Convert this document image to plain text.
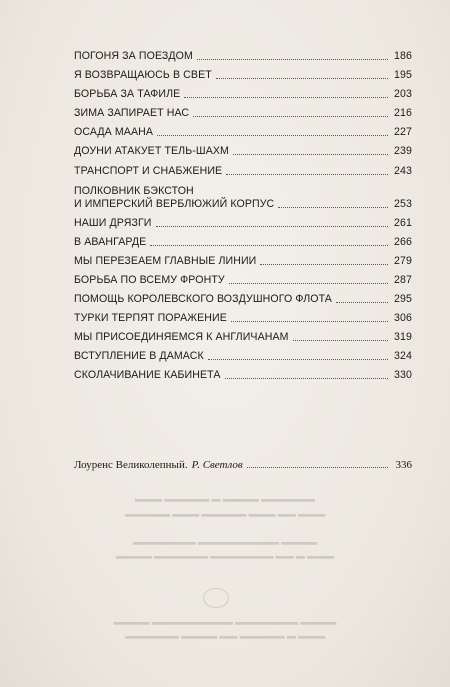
ПОГОНЯ ЗА ПОЕЗДОМ	186
Я ВОЗВРАЩАЮСЬ В СВЕТ	195
БОРЬБА ЗА ТАФИЛЕ	203
ЗИМА ЗАПИРАЕТ НАС	216
ОСАДА МААНА	227
ДОУНИ АТАКУЕТ ТЕЛЬ-ШАХМ	239
ТРАНСПОРТ И СНАБЖЕНИЕ	243
ПОЛКОВНИК БЭКСТОН
И ИМПЕРСКИЙ ВЕРБЛЮЖИЙ КОРПУС	253
НАШИ ДРЯЗГИ	261
В АВАНГАРДЕ	266
МЫ ПЕРЕЗЕАЕМ ГЛАВНЫЕ ЛИНИИ	279
БОРЬБА ПО ВСЕМУ ФРОНТУ	287
ПОМОЩЬ КОРОЛЕВСКОГО ВОЗДУШНОГО ФЛОТА	295
ТУРКИ ТЕРПЯТ ПОРАЖЕНИЕ	306
МЫ ПРИСОЕДИНЯЕМСЯ К АНГЛИЧАНАМ	319
ВСТУПЛЕНИЕ В ДАМАСК	324
СКОЛАЧИВАНИЕ КАБИНЕТА	330
Лоуренс Великолепный. Р. Светлов	336
▬▬▬ ▬▬▬▬▬ ▬ ▬▬▬▬ ▬▬▬▬▬▬
▬▬▬▬▬ ▬▬▬ ▬▬▬▬▬ ▬▬▬ ▬▬ ▬▬▬
▬▬▬▬▬▬▬ ▬▬▬▬▬▬▬▬▬ ▬▬▬▬
▬▬▬▬ ▬▬▬▬▬▬ ▬▬▬▬▬▬▬ ▬▬ ▬ ▬▬▬
▬▬▬▬ ▬▬▬▬▬▬▬▬▬ ▬▬▬▬▬▬▬ ▬▬▬▬
▬▬▬▬▬▬ ▬▬▬▬ ▬▬ ▬▬▬▬▬ ▬ ▬▬▬
